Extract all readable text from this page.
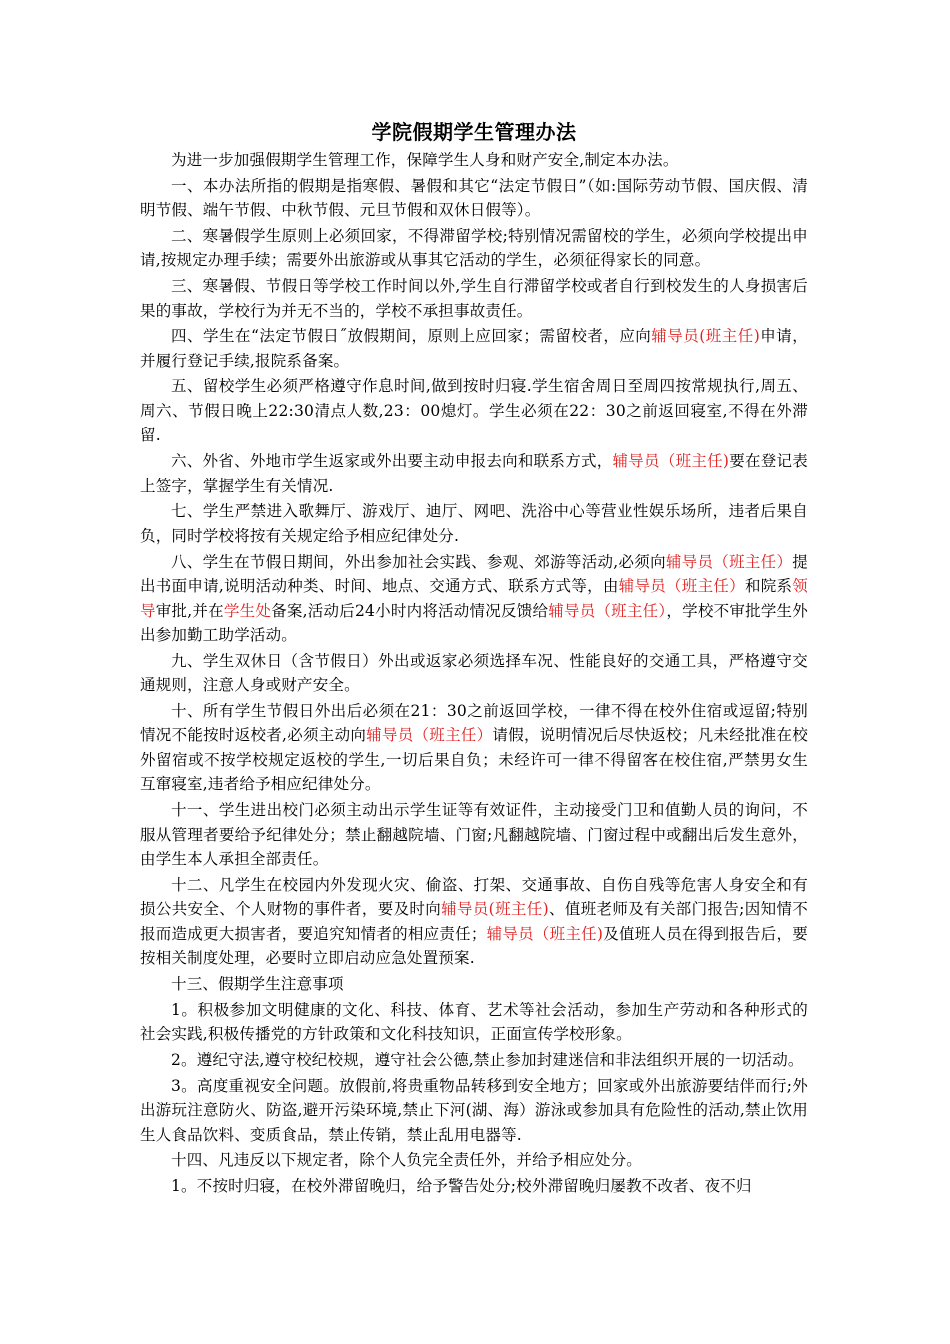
学院假期学生管理办法

为进一步加强假期学生管理工作，保障学生人身和财产安全,制定本办法。

一、本办法所指的假期是指寒假、暑假和其它“法定节假日”（如:国际劳动节假、国庆假、清明节假、端午节假、中秋节假、元旦节假和双休日假等）。

二、寒暑假学生原则上必须回家，不得滞留学校;特别情况需留校的学生，必须向学校提出申请,按规定办理手续；需要外出旅游或从事其它活动的学生，必须征得家长的同意。

三、寒暑假、节假日等学校工作时间以外,学生自行滞留学校或者自行到校发生的人身损害后果的事故，学校行为并无不当的，学校不承担事故责任。

四、学生在“法定节假日˝放假期间，原则上应回家；需留校者，应向辅导员(班主任)申请，并履行登记手续,报院系备案。

五、留校学生必须严格遵守作息时间,做到按时归寝.学生宿舍周日至周四按常规执行,周五、周六、节假日晚上22:30清点人数,23：00熄灯。学生必须在22：30之前返回寝室,不得在外滞留.

六、外省、外地市学生返家或外出要主动申报去向和联系方式，辅导员（班主任)要在登记表上签字，掌握学生有关情况.

七、学生严禁进入歌舞厅、游戏厅、迪厅、网吧、洗浴中心等营业性娱乐场所，违者后果自负，同时学校将按有关规定给予相应纪律处分.

八、学生在节假日期间，外出参加社会实践、参观、郊游等活动,必须向辅导员（班主任）提出书面申请,说明活动种类、时间、地点、交通方式、联系方式等，由辅导员（班主任）和院系领导审批,并在学生处备案,活动后24小时内将活动情况反馈给辅导员（班主任），学校不审批学生外出参加勤工助学活动。

九、学生双休日（含节假日）外出或返家必须选择车况、性能良好的交通工具，严格遵守交通规则，注意人身或财产安全。

十、所有学生节假日外出后必须在21：30之前返回学校，一律不得在校外住宿或逗留;特别情况不能按时返校者,必须主动向辅导员（班主任）请假，说明情况后尽快返校；凡未经批准在校外留宿或不按学校规定返校的学生,一切后果自负；未经许可一律不得留客在校住宿,严禁男女生互窜寝室,违者给予相应纪律处分。

十一、学生进出校门必须主动出示学生证等有效证件，主动接受门卫和值勤人员的询问，不服从管理者要给予纪律处分；禁止翻越院墙、门窗;凡翻越院墙、门窗过程中或翻出后发生意外，由学生本人承担全部责任。

十二、凡学生在校园内外发现火灾、偷盗、打架、交通事故、自伤自残等危害人身安全和有损公共安全、个人财物的事件者，要及时向辅导员(班主任)、值班老师及有关部门报告;因知情不报而造成更大损害者，要追究知情者的相应责任；辅导员（班主任)及值班人员在得到报告后，要按相关制度处理，必要时立即启动应急处置预案.

十三、假期学生注意事项

1。积极参加文明健康的文化、科技、体育、艺术等社会活动，参加生产劳动和各种形式的社会实践,积极传播党的方针政策和文化科技知识，正面宣传学校形象。

2。遵纪守法,遵守校纪校规，遵守社会公德,禁止参加封建迷信和非法组织开展的一切活动。

3。高度重视安全问题。放假前,将贵重物品转移到安全地方；回家或外出旅游要结伴而行;外出游玩注意防火、防盗,避开污染环境,禁止下河(湖、海）游泳或参加具有危险性的活动,禁止饮用生人食品饮料、变质食品，禁止传销，禁止乱用电器等.

十四、凡违反以下规定者，除个人负完全责任外，并给予相应处分。

1。不按时归寝，在校外滞留晚归，给予警告处分;校外滞留晚归屡教不改者、夜不归
